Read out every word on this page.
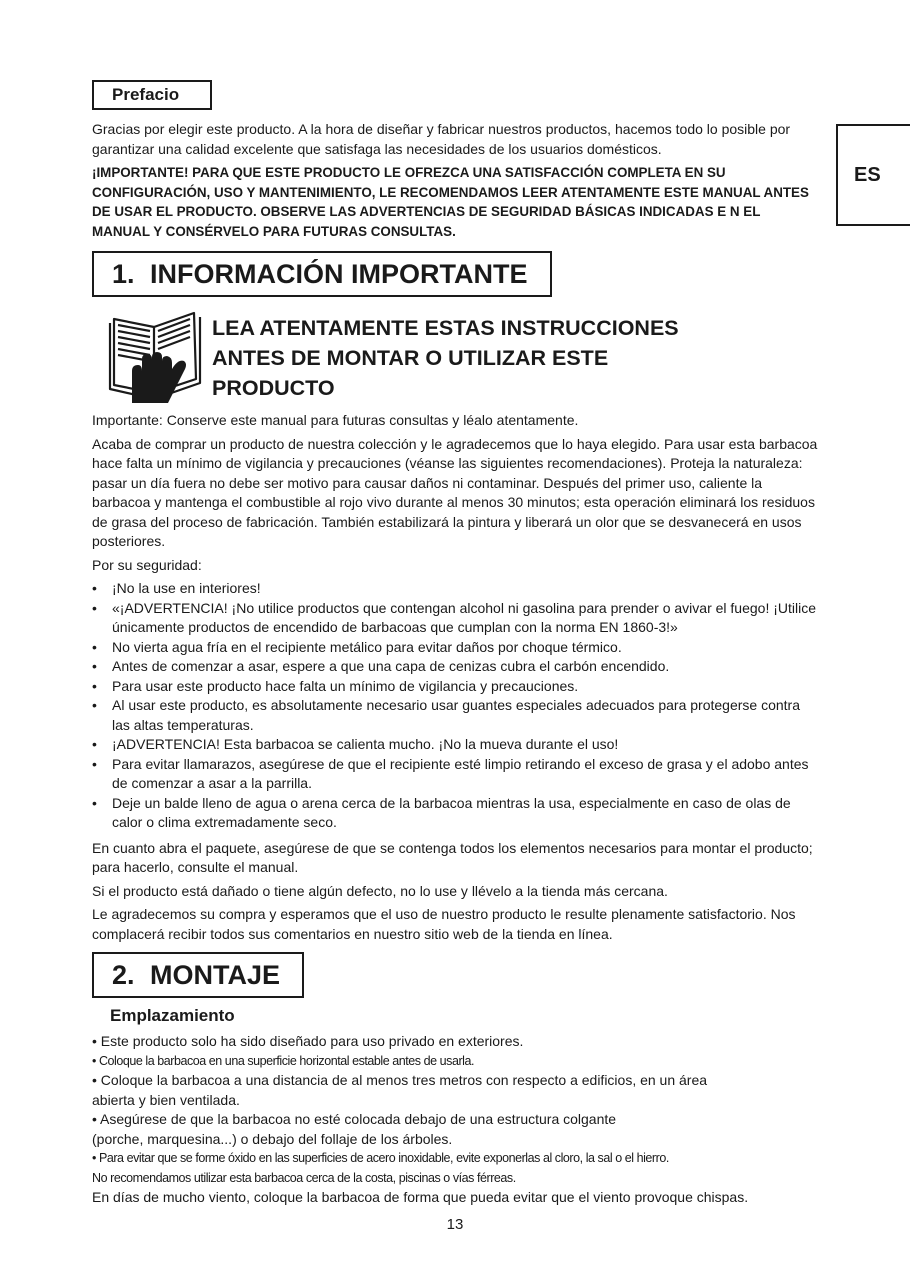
ES
Prefacio

Gracias por elegir este producto. A la hora de diseñar y fabricar nuestros productos, hacemos todo lo posible por garantizar una calidad excelente que satisfaga las necesidades de los usuarios domésticos.

¡IMPORTANTE! PARA QUE ESTE PRODUCTO LE OFREZCA UNA SATISFACCIÓN COMPLETA EN SU CONFIGURACIÓN, USO Y MANTENIMIENTO, LE RECOMENDAMOS LEER ATENTAMENTE ESTE MANUAL ANTES DE USAR EL PRODUCTO. OBSERVE LAS ADVERTENCIAS DE SEGURIDAD BÁSICAS INDICADAS E N EL MANUAL Y CONSÉRVELO PARA FUTURAS CONSULTAS.

1. INFORMACIÓN IMPORTANTE
LEA ATENTAMENTE ESTAS INSTRUCCIONES
ANTES DE MONTAR O UTILIZAR ESTE
PRODUCTO

Importante: Conserve este manual para futuras consultas y léalo atentamente.

Acaba de comprar un producto de nuestra colección y le agradecemos que lo haya elegido. Para usar esta barbacoa hace falta un mínimo de vigilancia y precauciones (véanse las siguientes recomendaciones). Proteja la naturaleza: pasar un día fuera no debe ser motivo para causar daños ni contaminar. Después del primer uso, caliente la barbacoa y mantenga el combustible al rojo vivo durante al menos 30 minutos; esta operación eliminará los residuos de grasa del proceso de fabricación. También estabilizará la pintura y liberará un olor que se desvanecerá en usos posteriores.

Por su seguridad:

• ¡No la use en interiores!
• «¡ADVERTENCIA! ¡No utilice productos que contengan alcohol ni gasolina para prender o avivar el fuego! ¡Utilice únicamente productos de encendido de barbacoas que cumplan con la norma EN 1860-3!»
• No vierta agua fría en el recipiente metálico para evitar daños por choque térmico.
• Antes de comenzar a asar, espere a que una capa de cenizas cubra el carbón encendido.
• Para usar este producto hace falta un mínimo de vigilancia y precauciones.
• Al usar este producto, es absolutamente necesario usar guantes especiales adecuados para protegerse contra las altas temperaturas.
• ¡ADVERTENCIA! Esta barbacoa se calienta mucho. ¡No la mueva durante el uso!
• Para evitar llamarazos, asegúrese de que el recipiente esté limpio retirando el exceso de grasa y el adobo antes de comenzar a asar a la parrilla.
• Deje un balde lleno de agua o arena cerca de la barbacoa mientras la usa, especialmente en caso de olas de calor o clima extremadamente seco.

En cuanto abra el paquete, asegúrese de que se contenga todos los elementos necesarios para montar el producto; para hacerlo, consulte el manual.

Si el producto está dañado o tiene algún defecto, no lo use y llévelo a la tienda más cercana.

Le agradecemos su compra y esperamos que el uso de nuestro producto le resulte plenamente satisfactorio. Nos complacerá recibir todos sus comentarios en nuestro sitio web de la tienda en línea.

2. MONTAJE
Emplazamiento

• Este producto solo ha sido diseñado para uso privado en exteriores.

• Coloque la barbacoa en una superficie horizontal estable antes de usarla.

• Coloque la barbacoa a una distancia de al menos tres metros con respecto a edificios, en un área abierta y bien ventilada.

• Asegúrese de que la barbacoa no esté colocada debajo de una estructura colgante

(porche, marquesina...) o debajo del follaje de los árboles.

• Para evitar que se forme óxido en las superficies de acero inoxidable, evite exponerlas al cloro, la sal o el hierro.

No recomendamos utilizar esta barbacoa cerca de la costa, piscinas o vías férreas.

En días de mucho viento, coloque la barbacoa de forma que pueda evitar que el viento provoque chispas.

13
